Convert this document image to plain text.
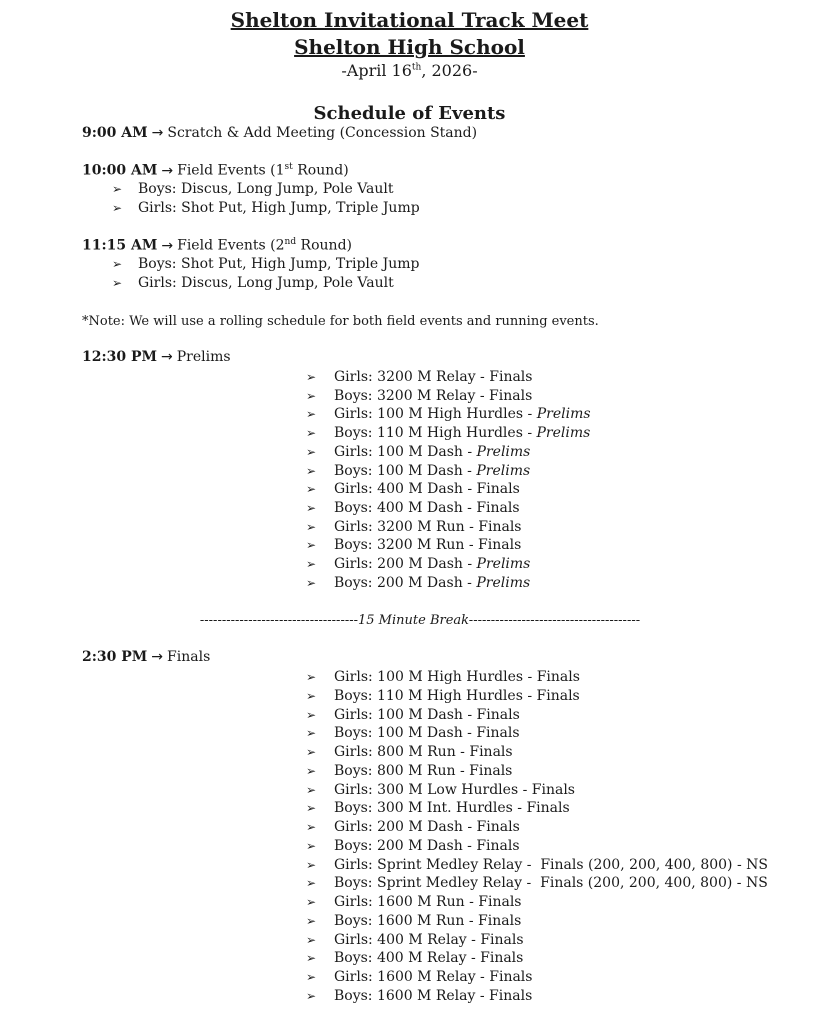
Shelton Invitational Track Meet
Shelton High School
-April 16th, 2026-
Schedule of Events
9:00 AM → Scratch & Add Meeting (Concession Stand)
10:00 AM → Field Events (1st Round)
➢ Boys: Discus, Long Jump, Pole Vault
➢ Girls: Shot Put, High Jump, Triple Jump
11:15 AM → Field Events (2nd Round)
➢ Boys: Shot Put, High Jump, Triple Jump
➢ Girls: Discus, Long Jump, Pole Vault
*Note: We will use a rolling schedule for both field events and running events.
12:30 PM → Prelims
➢ Girls: 3200 M Relay - Finals
➢ Boys: 3200 M Relay - Finals
➢ Girls: 100 M High Hurdles - Prelims
➢ Boys: 110 M High Hurdles - Prelims
➢ Girls: 100 M Dash - Prelims
➢ Boys: 100 M Dash - Prelims
➢ Girls: 400 M Dash - Finals
➢ Boys: 400 M Dash - Finals
➢ Girls: 3200 M Run - Finals
➢ Boys: 3200 M Run - Finals
➢ Girls: 200 M Dash - Prelims
➢ Boys: 200 M Dash - Prelims
------------------------------------15 Minute Break---------------------------------------
2:30 PM → Finals
➢ Girls: 100 M High Hurdles - Finals
➢ Boys: 110 M High Hurdles - Finals
➢ Girls: 100 M Dash - Finals
➢ Boys: 100 M Dash - Finals
➢ Girls: 800 M Run - Finals
➢ Boys: 800 M Run - Finals
➢ Girls: 300 M Low Hurdles - Finals
➢ Boys: 300 M Int. Hurdles - Finals
➢ Girls: 200 M Dash - Finals
➢ Boys: 200 M Dash - Finals
➢ Girls: Sprint Medley Relay -  Finals (200, 200, 400, 800) - NS
➢ Boys: Sprint Medley Relay -  Finals (200, 200, 400, 800) - NS
➢ Girls: 1600 M Run - Finals
➢ Boys: 1600 M Run - Finals
➢ Girls: 400 M Relay - Finals
➢ Boys: 400 M Relay - Finals
➢ Girls: 1600 M Relay - Finals
➢ Boys: 1600 M Relay - Finals
